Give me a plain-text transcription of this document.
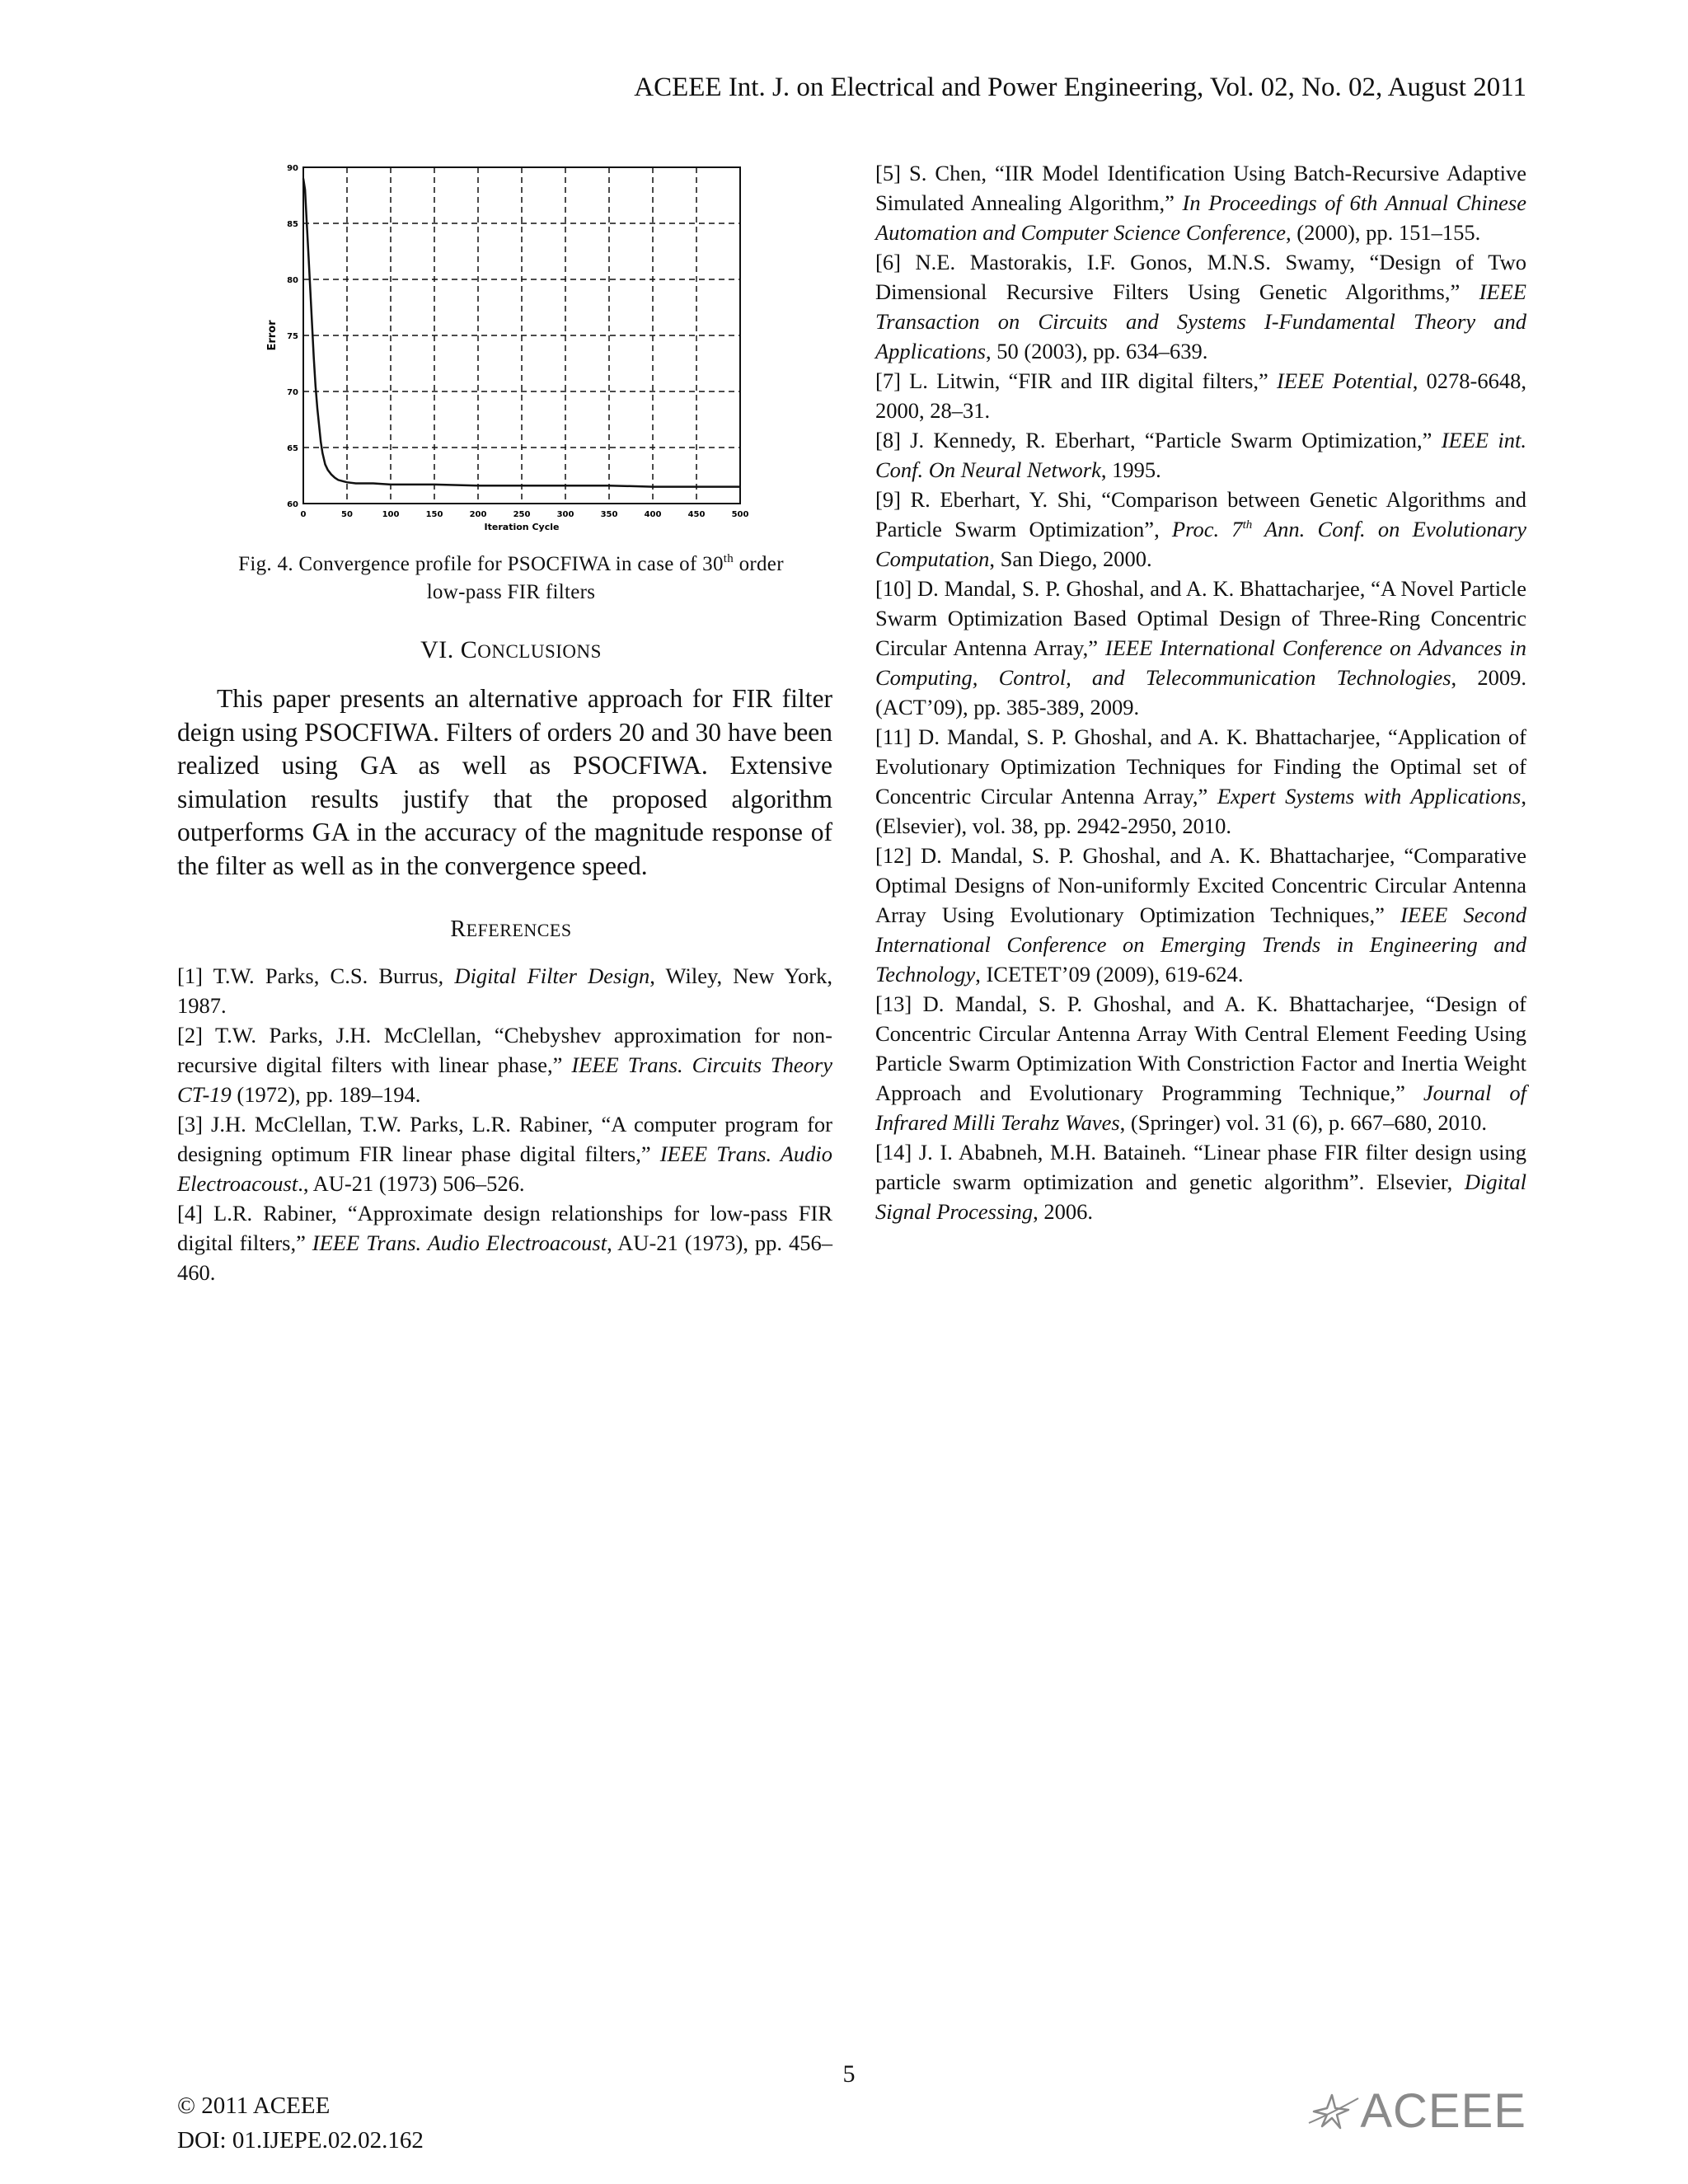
ACEEE Int. J. on Electrical and Power Engineering, Vol. 02, No. 02, August 2011
0	50	100	150	200	250	300	350	400	450	500
60
65
70
75
80
85
90
Iteration Cycle
Error
Fig. 4. Convergence profile for PSOCFIWA in case of 30th order
low-pass FIR filters
VI. CONCLUSIONS

This paper presents an alternative approach for FIR filter deign using PSOCFIWA. Filters of orders 20 and 30 have been realized using GA as well as PSOCFIWA. Extensive simulation results justify that the proposed algorithm outperforms GA in the accuracy of the magnitude response of the filter as well as in the convergence speed.

REFERENCES

[1] T.W. Parks, C.S. Burrus, Digital Filter Design, Wiley, New York, 1987.

[2] T.W. Parks, J.H. McClellan, “Chebyshev approximation for non-recursive digital filters with linear phase,” IEEE Trans. Circuits Theory CT-19 (1972), pp. 189–194.

[3] J.H. McClellan, T.W. Parks, L.R. Rabiner, “A computer program for designing optimum FIR linear phase digital filters,” IEEE Trans. Audio Electroacoust., AU-21 (1973) 506–526.

[4] L.R. Rabiner, “Approximate design relationships for low-pass FIR digital filters,” IEEE Trans. Audio Electroacoust, AU-21 (1973), pp. 456–460.

[5] S. Chen, “IIR Model Identification Using Batch-Recursive Adaptive Simulated Annealing Algorithm,” In Proceedings of 6th Annual Chinese Automation and Computer Science Conference, (2000), pp. 151–155.

[6] N.E. Mastorakis, I.F. Gonos, M.N.S. Swamy, “Design of Two Dimensional Recursive Filters Using Genetic Algorithms,” IEEE Transaction on Circuits and Systems I-Fundamental Theory and Applications, 50 (2003), pp. 634–639.

[7] L. Litwin, “FIR and IIR digital filters,” IEEE Potential, 0278-6648, 2000, 28–31.

[8] J. Kennedy, R. Eberhart, “Particle Swarm Optimization,” IEEE int. Conf. On Neural Network, 1995.

[9] R. Eberhart, Y. Shi, “Comparison between Genetic Algorithms and Particle Swarm Optimization”, Proc. 7th Ann. Conf. on Evolutionary Computation, San Diego, 2000.

[10] D. Mandal, S. P. Ghoshal, and A. K. Bhattacharjee, “A Novel Particle Swarm Optimization Based Optimal Design of Three-Ring Concentric Circular Antenna Array,” IEEE International Conference on Advances in Computing, Control, and Telecommunication Technologies, 2009. (ACT’09), pp. 385-389, 2009.

[11] D. Mandal, S. P. Ghoshal, and A. K. Bhattacharjee, “Application of Evolutionary Optimization Techniques for Finding the Optimal set of Concentric Circular Antenna Array,” Expert Systems with Applications, (Elsevier), vol. 38, pp. 2942-2950, 2010.

[12] D. Mandal, S. P. Ghoshal, and A. K. Bhattacharjee, “Comparative Optimal Designs of Non-uniformly Excited Concentric Circular Antenna Array Using Evolutionary Optimization Techniques,” IEEE Second International Conference on Emerging Trends in Engineering and Technology, ICETET’09 (2009), 619-624.

[13] D. Mandal, S. P. Ghoshal, and A. K. Bhattacharjee, “Design of Concentric Circular Antenna Array With Central Element Feeding Using Particle Swarm Optimization With Constriction Factor and Inertia Weight Approach and Evolutionary Programming Technique,” Journal of Infrared Milli Terahz Waves, (Springer) vol. 31 (6), p. 667–680, 2010.

[14] J. I. Ababneh, M.H. Bataineh. “Linear phase FIR filter design using particle swarm optimization and genetic algorithm”. Elsevier, Digital Signal Processing, 2006.

5
© 2011 ACEEE
DOI: 01.IJEPE.02.02.162
ACEEE
